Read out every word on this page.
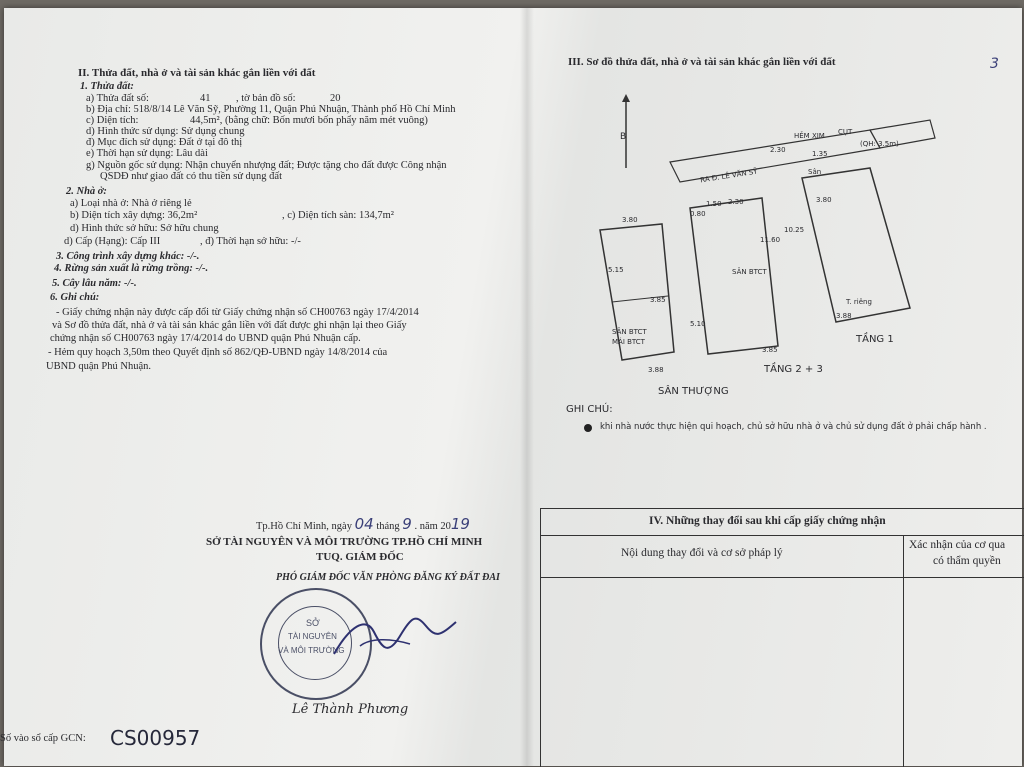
II. Thửa đất, nhà ở và tài sản khác gắn liền với đất
1. Thửa đất:
a) Thửa đất số:	41 , tờ bản đồ số:	20
b) Địa chỉ: 518/8/14 Lê Văn Sỹ, Phường 11, Quận Phú Nhuận, Thành phố Hồ Chí Minh
c) Diện tích:	44,5m², (bằng chữ: Bốn mươi bốn phẩy năm mét vuông)
d) Hình thức sử dụng: Sử dụng chung
đ) Mục đích sử dụng: Đất ở tại đô thị
e) Thời hạn sử dụng: Lâu dài
g) Nguồn gốc sử dụng: Nhận chuyển nhượng đất; Được tặng cho đất được Công nhận
QSDĐ như giao đất có thu tiền sử dụng đất
2. Nhà ở:
a) Loại nhà ở: Nhà ở riêng lẻ
b) Diện tích xây dựng: 36,2m²	, c) Diện tích sàn: 134,7m²
d) Hình thức sở hữu: Sở hữu chung
d) Cấp (Hạng): Cấp III	, đ) Thời hạn sở hữu: -/-
3. Công trình xây dựng khác: -/-.
4. Rừng sản xuất là rừng trồng: -/-.
5. Cây lâu năm: -/-.
6. Ghi chú:
- Giấy chứng nhận này được cấp đổi từ Giấy chứng nhận số CH00763 ngày 17/4/2014
và Sơ đồ thửa đất, nhà ở và tài sản khác gắn liền với đất được ghi nhận lại theo Giấy
chứng nhận số CH00763 ngày 17/4/2014 do UBND quận Phú Nhuận cấp.
- Hẻm quy hoạch 3,50m theo Quyết định số 862/QĐ-UBND ngày 14/8/2014 của
UBND quận Phú Nhuận.
Tp.Hồ Chí Minh, ngày 04 tháng 9 . năm 2019
SỞ TÀI NGUYÊN VÀ MÔI TRƯỜNG TP.HỒ CHÍ MINH
TUQ. GIÁM ĐỐC
PHÓ GIÁM ĐỐC VĂN PHÒNG ĐĂNG KÝ ĐẤT ĐAI
SỞ
TÀI NGUYÊN
VÀ MÔI TRƯỜNG
Lê Thành Phương
Số vào sổ cấp GCN: CS00957
III. Sơ đồ thửa đất, nhà ở và tài sản khác gắn liền với đất	3
B
RA Đ. LÊ VĂN SỸ
HẺM XIM CỤT
(QH: 3.5m)
SÂN BTCT
Sân
T. riêng
SÂN BTCT
MÁI BTCT	TẦNG 1
TẦNG 2 + 3
SÂN THƯỢNG
3.80
3.85
3.88
1.50 2.30
0.80
11.60
10.25
5.15
5.10
2.30	1.35
3.88
3.85
3.80
GHI CHÚ:
khi nhà nước thực hiện qui hoạch, chủ sở hữu nhà ở và chủ sử dụng đất ở phải chấp hành .
IV. Những thay đổi sau khi cấp giấy chứng nhận
Nội dung thay đổi và cơ sở pháp lý
Xác nhận của cơ qua
có thẩm quyền
